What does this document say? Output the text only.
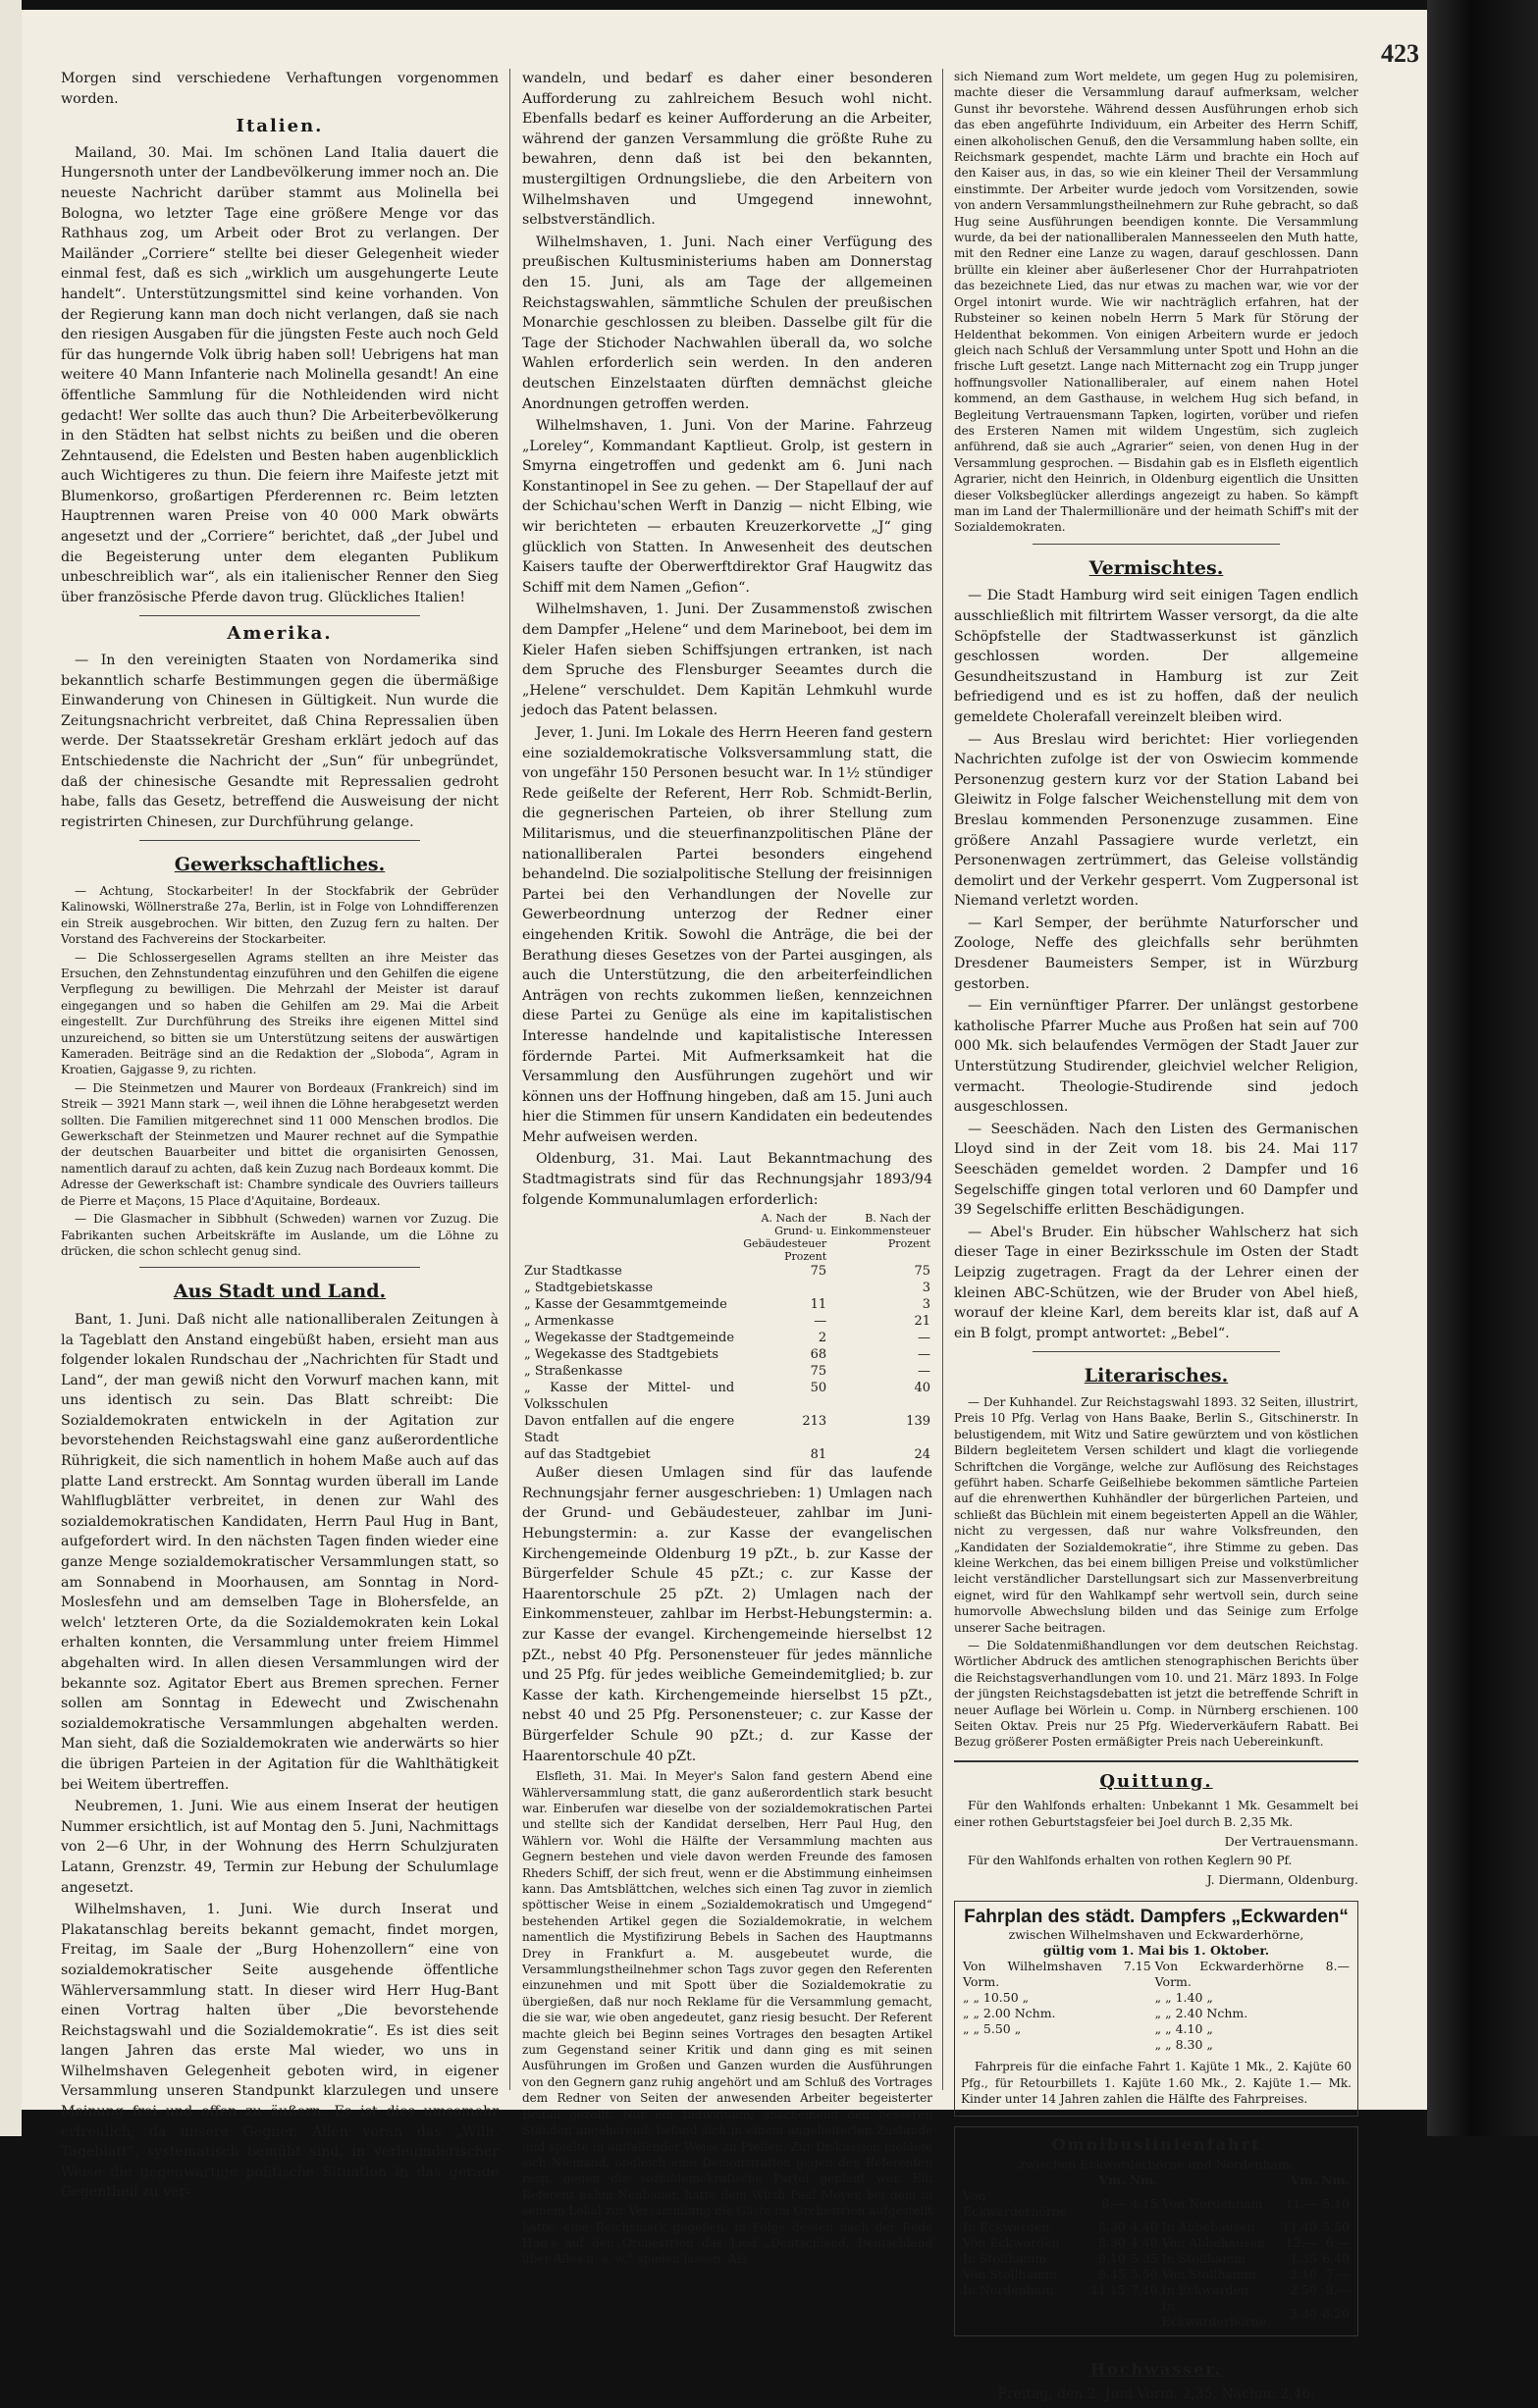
423

Morgen sind verschiedene Verhaftungen vorgenommen worden.

Italien.

Mailand, 30. Mai. Im schönen Land Italia dauert die Hungersnoth unter der Landbevölkerung immer noch an. Die neueste Nachricht darüber stammt aus Molinella bei Bologna, wo letzter Tage eine größere Menge vor das Rathhaus zog, um Arbeit oder Brot zu verlangen. Der Mailänder „Corriere“ stellte bei dieser Gelegenheit wieder einmal fest, daß es sich „wirklich um ausgehungerte Leute handelt“. Unterstützungsmittel sind keine vorhanden. Von der Regierung kann man doch nicht verlangen, daß sie nach den riesigen Ausgaben für die jüngsten Feste auch noch Geld für das hungernde Volk übrig haben soll! Uebrigens hat man weitere 40 Mann Infanterie nach Molinella gesandt! An eine öffentliche Sammlung für die Nothleidenden wird nicht gedacht! Wer sollte das auch thun? Die Arbeiterbevölkerung in den Städten hat selbst nichts zu beißen und die oberen Zehntausend, die Edelsten und Besten haben augenblicklich auch Wichtigeres zu thun. Die feiern ihre Maifeste jetzt mit Blumenkorso, großartigen Pferderennen rc. Beim letzten Hauptrennen waren Preise von 40 000 Mark obwärts angesetzt und der „Corriere“ berichtet, daß „der Jubel und die Begeisterung unter dem eleganten Publikum unbeschreiblich war“, als ein italienischer Renner den Sieg über französische Pferde davon trug. Glückliches Italien!

Amerika.

— In den vereinigten Staaten von Nordamerika sind bekanntlich scharfe Bestimmungen gegen die übermäßige Einwanderung von Chinesen in Gültigkeit. Nun wurde die Zeitungsnachricht verbreitet, daß China Repressalien üben werde. Der Staatssekretär Gresham erklärt jedoch auf das Entschiedenste die Nachricht der „Sun“ für unbegründet, daß der chinesische Gesandte mit Repressalien gedroht habe, falls das Gesetz, betreffend die Ausweisung der nicht registrirten Chinesen, zur Durchführung gelange.

Gewerkschaftliches.

— Achtung, Stockarbeiter! In der Stockfabrik der Gebrüder Kalinowski, Wöllnerstraße 27a, Berlin, ist in Folge von Lohndifferenzen ein Streik ausgebrochen. Wir bitten, den Zuzug fern zu halten. Der Vorstand des Fachvereins der Stockarbeiter.

— Die Schlossergesellen Agrams stellten an ihre Meister das Ersuchen, den Zehnstundentag einzuführen und den Gehilfen die eigene Verpflegung zu bewilligen. Die Mehrzahl der Meister ist darauf eingegangen und so haben die Gehilfen am 29. Mai die Arbeit eingestellt. Zur Durchführung des Streiks ihre eigenen Mittel sind unzureichend, so bitten sie um Unterstützung seitens der auswärtigen Kameraden. Beiträge sind an die Redaktion der „Sloboda“, Agram in Kroatien, Gajgasse 9, zu richten.

— Die Steinmetzen und Maurer von Bordeaux (Frankreich) sind im Streik — 3921 Mann stark —, weil ihnen die Löhne herabgesetzt werden sollten. Die Familien mitgerechnet sind 11 000 Menschen brodlos. Die Gewerkschaft der Steinmetzen und Maurer rechnet auf die Sympathie der deutschen Bauarbeiter und bittet die organisirten Genossen, namentlich darauf zu achten, daß kein Zuzug nach Bordeaux kommt. Die Adresse der Gewerkschaft ist: Chambre syndicale des Ouvriers tailleurs de Pierre et Maçons, 15 Place d'Aquitaine, Bordeaux.

— Die Glasmacher in Sibbhult (Schweden) warnen vor Zuzug. Die Fabrikanten suchen Arbeitskräfte im Auslande, um die Löhne zu drücken, die schon schlecht genug sind.

Aus Stadt und Land.

Bant, 1. Juni. Daß nicht alle nationalliberalen Zeitungen à la Tageblatt den Anstand eingebüßt haben, ersieht man aus folgender lokalen Rundschau der „Nachrichten für Stadt und Land“, der man gewiß nicht den Vorwurf machen kann, mit uns identisch zu sein. Das Blatt schreibt: Die Sozialdemokraten entwickeln in der Agitation zur bevorstehenden Reichstagswahl eine ganz außerordentliche Rührigkeit, die sich namentlich in hohem Maße auch auf das platte Land erstreckt. Am Sonntag wurden überall im Lande Wahlflugblätter verbreitet, in denen zur Wahl des sozialdemokratischen Kandidaten, Herrn Paul Hug in Bant, aufgefordert wird. In den nächsten Tagen finden wieder eine ganze Menge sozialdemokratischer Versammlungen statt, so am Sonnabend in Moorhausen, am Sonntag in Nord-Moslesfehn und am demselben Tage in Blohersfelde, an welch' letzteren Orte, da die Sozialdemokraten kein Lokal erhalten konnten, die Versammlung unter freiem Himmel abgehalten wird. In allen diesen Versammlungen wird der bekannte soz. Agitator Ebert aus Bremen sprechen. Ferner sollen am Sonntag in Edewecht und Zwischenahn sozialdemokratische Versammlungen abgehalten werden. Man sieht, daß die Sozialdemokraten wie anderwärts so hier die übrigen Parteien in der Agitation für die Wahlthätigkeit bei Weitem übertreffen.

Neubremen, 1. Juni. Wie aus einem Inserat der heutigen Nummer ersichtlich, ist auf Montag den 5. Juni, Nachmittags von 2—6 Uhr, in der Wohnung des Herrn Schulzjuraten Latann, Grenzstr. 49, Termin zur Hebung der Schulumlage angesetzt.

Wilhelmshaven, 1. Juni. Wie durch Inserat und Plakatanschlag bereits bekannt gemacht, findet morgen, Freitag, im Saale der „Burg Hohenzollern“ eine von sozialdemokratischer Seite ausgehende öffentliche Wählerversammlung statt. In dieser wird Herr Hug-Bant einen Vortrag halten über „Die bevorstehende Reichstagswahl und die Sozialdemokratie“. Es ist dies seit langen Jahren das erste Mal wieder, wo uns in Wilhelmshaven Gelegenheit geboten wird, in eigener Versammlung unseren Standpunkt klarzulegen und unsere Meinung frei und offen zu äußern. Es ist dies umsomehr erfreulich, da unsere Gegner, Allen voran das „Wilh. Tageblatt“, systematisch bemüht sind, in verleumderischer Weise die gegenwärtige politische Situation in das gerade Gegentheil zu ver-

wandeln, und bedarf es daher einer besonderen Aufforderung zu zahlreichem Besuch wohl nicht. Ebenfalls bedarf es keiner Aufforderung an die Arbeiter, während der ganzen Versammlung die größte Ruhe zu bewahren, denn daß ist bei den bekannten, mustergiltigen Ordnungsliebe, die den Arbeitern von Wilhelmshaven und Umgegend innewohnt, selbstverständlich.

Wilhelmshaven, 1. Juni. Nach einer Verfügung des preußischen Kultusministeriums haben am Donnerstag den 15. Juni, als am Tage der allgemeinen Reichstagswahlen, sämmtliche Schulen der preußischen Monarchie geschlossen zu bleiben. Dasselbe gilt für die Tage der Stichoder Nachwahlen überall da, wo solche Wahlen erforderlich sein werden. In den anderen deutschen Einzelstaaten dürften demnächst gleiche Anordnungen getroffen werden.

Wilhelmshaven, 1. Juni. Von der Marine. Fahrzeug „Loreley“, Kommandant Kaptlieut. Grolp, ist gestern in Smyrna eingetroffen und gedenkt am 6. Juni nach Konstantinopel in See zu gehen. — Der Stapellauf der auf der Schichau'schen Werft in Danzig — nicht Elbing, wie wir berichteten — erbauten Kreuzerkorvette „J“ ging glücklich von Statten. In Anwesenheit des deutschen Kaisers taufte der Oberwerftdirektor Graf Haugwitz das Schiff mit dem Namen „Gefion“.

Wilhelmshaven, 1. Juni. Der Zusammenstoß zwischen dem Dampfer „Helene“ und dem Marineboot, bei dem im Kieler Hafen sieben Schiffsjungen ertranken, ist nach dem Spruche des Flensburger Seeamtes durch die „Helene“ verschuldet. Dem Kapitän Lehmkuhl wurde jedoch das Patent belassen.

Jever, 1. Juni. Im Lokale des Herrn Heeren fand gestern eine sozialdemokratische Volksversammlung statt, die von ungefähr 150 Personen besucht war. In 1½ stündiger Rede geißelte der Referent, Herr Rob. Schmidt-Berlin, die gegnerischen Parteien, ob ihrer Stellung zum Militarismus, und die steuerfinanzpolitischen Pläne der nationalliberalen Partei besonders eingehend behandelnd. Die sozialpolitische Stellung der freisinnigen Partei bei den Verhandlungen der Novelle zur Gewerbeordnung unterzog der Redner einer eingehenden Kritik. Sowohl die Anträge, die bei der Berathung dieses Gesetzes von der Partei ausgingen, als auch die Unterstützung, die den arbeiterfeindlichen Anträgen von rechts zukommen ließen, kennzeichnen diese Partei zu Genüge als eine im kapitalistischen Interesse handelnde und kapitalistische Interessen fördernde Partei. Mit Aufmerksamkeit hat die Versammlung den Ausführungen zugehört und wir können uns der Hoffnung hingeben, daß am 15. Juni auch hier die Stimmen für unsern Kandidaten ein bedeutendes Mehr aufweisen werden.

Oldenburg, 31. Mai. Laut Bekanntmachung des Stadtmagistrats sind für das Rechnungsjahr 1893/94 folgende Kommunalumlagen erforderlich:

	A. Nach der Grund- u. Gebäudesteuer Prozent	B. Nach der Einkommensteuer Prozent
Zur Stadtkasse	75	75
„ Stadtgebietskasse		3
„ Kasse der Gesammtgemeinde	11	3
„ Armenkasse	—	21
„ Wegekasse der Stadtgemeinde	2	—
„ Wegekasse des Stadtgebiets	68	—
„ Straßenkasse	75	—
„ Kasse der Mittel- und Volksschulen	50	40
Davon entfallen auf die engere Stadt	213	139
auf das Stadtgebiet	81	24

Außer diesen Umlagen sind für das laufende Rechnungsjahr ferner ausgeschrieben: 1) Umlagen nach der Grund- und Gebäudesteuer, zahlbar im Juni-Hebungstermin: a. zur Kasse der evangelischen Kirchengemeinde Oldenburg 19 pZt., b. zur Kasse der Bürgerfelder Schule 45 pZt.; c. zur Kasse der Haarentorschule 25 pZt. 2) Umlagen nach der Einkommensteuer, zahlbar im Herbst-Hebungstermin: a. zur Kasse der evangel. Kirchengemeinde hierselbst 12 pZt., nebst 40 Pfg. Personensteuer für jedes männliche und 25 Pfg. für jedes weibliche Gemeindemitglied; b. zur Kasse der kath. Kirchengemeinde hierselbst 15 pZt., nebst 40 und 25 Pfg. Personensteuer; c. zur Kasse der Bürgerfelder Schule 90 pZt.; d. zur Kasse der Haarentorschule 40 pZt.

Elsfleth, 31. Mai. In Meyer's Salon fand gestern Abend eine Wählerversammlung statt, die ganz außerordentlich stark besucht war. Einberufen war dieselbe von der sozialdemokratischen Partei und stellte sich der Kandidat derselben, Herr Paul Hug, den Wählern vor. Wohl die Hälfte der Versammlung machten aus Gegnern bestehen und viele davon werden Freunde des famosen Rheders Schiff, der sich freut, wenn er die Abstimmung einheimsen kann. Das Amtsblättchen, welches sich einen Tag zuvor in ziemlich spöttischer Weise in einem „Sozialdemokratisch und Umgegend“ bestehenden Artikel gegen die Sozialdemokratie, in welchem namentlich die Mystifizirung Bebels in Sachen des Hauptmanns Drey in Frankfurt a. M. ausgebeutet wurde, die Versammlungstheilnehmer schon Tags zuvor gegen den Referenten einzunehmen und mit Spott über die Sozialdemokratie zu übergießen, daß nur noch Reklame für die Versammlung gemacht, die sie war, wie oben angedeutet, ganz riesig besucht. Der Referent machte gleich bei Beginn seines Vortrages den besagten Artikel zum Gegenstand seiner Kritik und dann ging es mit seinen Ausführungen im Großen und Ganzen wurden die Ausführungen von den Gegnern ganz ruhig angehört und am Schluß des Vortrages dem Redner von Seiten der anwesenden Arbeiter begeisterter Beifall gezollt. Nur ein Individuum, anscheinend den besseren Ständen angehörend, befand sich in einem angeheiterten Zustande und spielte in auffallender Weise zu Pfeifen. Zur Diskussion meldete sich Niemand, obgleich eine Demonstration gegen den Referenten resp. gegen die sozialdemokratische Partei geplant war. Ein Referent nahm Neubauer, hatte dem Wirth Paul Meyer, bei dem in seinem Lokal zur Versammlung die Gäste im Orchestrion aufgestellt hatte, eine Reichsmark gegeben, in Folge dessen nach der Rede Hug's auf den Orchestrion das Lied „Deutschland, Deutschland über Alles u. s. w.“ spielen lassen. Als

sich Niemand zum Wort meldete, um gegen Hug zu polemisiren, machte dieser die Versammlung darauf aufmerksam, welcher Gunst ihr bevorstehe. Während dessen Ausführungen erhob sich das eben angeführte Individuum, ein Arbeiter des Herrn Schiff, einen alkoholischen Genuß, den die Versammlung haben sollte, ein Reichsmark gespendet, machte Lärm und brachte ein Hoch auf den Kaiser aus, in das, so wie ein kleiner Theil der Versammlung einstimmte. Der Arbeiter wurde jedoch vom Vorsitzenden, sowie von andern Versammlungstheilnehmern zur Ruhe gebracht, so daß Hug seine Ausführungen beendigen konnte. Die Versammlung wurde, da bei der nationalliberalen Mannesseelen den Muth hatte, mit den Redner eine Lanze zu wagen, darauf geschlossen. Dann brüllte ein kleiner aber äußerlesener Chor der Hurrahpatrioten das bezeichnete Lied, das nur etwas zu machen war, wie vor der Orgel intonirt wurde. Wie wir nachträglich erfahren, hat der Rubsteiner so keinen nobeln Herrn 5 Mark für Störung der Heldenthat bekommen. Von einigen Arbeitern wurde er jedoch gleich nach Schluß der Versammlung unter Spott und Hohn an die frische Luft gesetzt. Lange nach Mitternacht zog ein Trupp junger hoffnungsvoller Nationalliberaler, auf einem nahen Hotel kommend, an dem Gasthause, in welchem Hug sich befand, in Begleitung Vertrauensmann Tapken, logirten, vorüber und riefen des Ersteren Namen mit wildem Ungestüm, sich zugleich anführend, daß sie auch „Agrarier“ seien, von denen Hug in der Versammlung gesprochen. — Bisdahin gab es in Elsfleth eigentlich Agrarier, nicht den Heinrich, in Oldenburg eigentlich die Unsitten dieser Volksbeglücker allerdings angezeigt zu haben. So kämpft man im Land der Thalermillionäre und der heimath Schiff's mit der Sozialdemokraten.

Vermischtes.

— Die Stadt Hamburg wird seit einigen Tagen endlich ausschließlich mit filtrirtem Wasser versorgt, da die alte Schöpfstelle der Stadtwasserkunst ist gänzlich geschlossen worden. Der allgemeine Gesundheitszustand in Hamburg ist zur Zeit befriedigend und es ist zu hoffen, daß der neulich gemeldete Cholerafall vereinzelt bleiben wird.

— Aus Breslau wird berichtet: Hier vorliegenden Nachrichten zufolge ist der von Oswiecim kommende Personenzug gestern kurz vor der Station Laband bei Gleiwitz in Folge falscher Weichenstellung mit dem von Breslau kommenden Personenzuge zusammen. Eine größere Anzahl Passagiere wurde verletzt, ein Personenwagen zertrümmert, das Geleise vollständig demolirt und der Verkehr gesperrt. Vom Zugpersonal ist Niemand verletzt worden.

— Karl Semper, der berühmte Naturforscher und Zoologe, Neffe des gleichfalls sehr berühmten Dresdener Baumeisters Semper, ist in Würzburg gestorben.

— Ein vernünftiger Pfarrer. Der unlängst gestorbene katholische Pfarrer Muche aus Proßen hat sein auf 700 000 Mk. sich belaufendes Vermögen der Stadt Jauer zur Unterstützung Studirender, gleichviel welcher Religion, vermacht. Theologie-Studirende sind jedoch ausgeschlossen.

— Seeschäden. Nach den Listen des Germanischen Lloyd sind in der Zeit vom 18. bis 24. Mai 117 Seeschäden gemeldet worden. 2 Dampfer und 16 Segelschiffe gingen total verloren und 60 Dampfer und 39 Segelschiffe erlitten Beschädigungen.

— Abel's Bruder. Ein hübscher Wahlscherz hat sich dieser Tage in einer Bezirksschule im Osten der Stadt Leipzig zugetragen. Fragt da der Lehrer einen der kleinen ABC-Schützen, wie der Bruder von Abel hieß, worauf der kleine Karl, dem bereits klar ist, daß auf A ein B folgt, prompt antwortet: „Bebel“.

Literarisches.

— Der Kuhhandel. Zur Reichstagswahl 1893. 32 Seiten, illustrirt, Preis 10 Pfg. Verlag von Hans Baake, Berlin S., Gitschinerstr. In belustigendem, mit Witz und Satire gewürztem und von köstlichen Bildern begleitetem Versen schildert und klagt die vorliegende Schriftchen die Vorgänge, welche zur Auflösung des Reichstages geführt haben. Scharfe Geißelhiebe bekommen sämtliche Parteien auf die ehrenwerthen Kuhhändler der bürgerlichen Parteien, und schließt das Büchlein mit einem begeisterten Appell an die Wähler, nicht zu vergessen, daß nur wahre Volksfreunden, den „Kandidaten der Sozialdemokratie“, ihre Stimme zu geben. Das kleine Werkchen, das bei einem billigen Preise und volkstümlicher leicht verständlicher Darstellungsart sich zur Massenverbreitung eignet, wird für den Wahlkampf sehr wertvoll sein, durch seine humorvolle Abwechslung bilden und das Seinige zum Erfolge unserer Sache beitragen.

— Die Soldatenmißhandlungen vor dem deutschen Reichstag. Wörtlicher Abdruck des amtlichen stenographischen Berichts über die Reichstagsverhandlungen vom 10. und 21. März 1893. In Folge der jüngsten Reichstagsdebatten ist jetzt die betreffende Schrift in neuer Auflage bei Wörlein u. Comp. in Nürnberg erschienen. 100 Seiten Oktav. Preis nur 25 Pfg. Wiederverkäufern Rabatt. Bei Bezug größerer Posten ermäßigter Preis nach Uebereinkunft.

Quittung.

Für den Wahlfonds erhalten: Unbekannt 1 Mk. Gesammelt bei einer rothen Geburtstagsfeier bei Joel durch B. 2,35 Mk.

Der Vertrauensmann.

Für den Wahlfonds erhalten von rothen Keglern 90 Pf.

J. Diermann, Oldenburg.
Fahrplan des städt. Dampfers „Eckwarden“
zwischen Wilhelmshaven und Eckwarderhörne,
gültig vom 1. Mai bis 1. Oktober.
Von Wilhelmshaven 7.15 Vorm.	Von Eckwarderhörne 8.— Vorm.
„ „ 10.50 „	„ „ 1.40 „
„ „ 2.00 Nchm.	„ „ 2.40 Nchm.
„ „ 5.50 „	„ „ 4.10 „
	„ „ 8.30 „

Fahrpreis für die einfache Fahrt 1. Kajüte 1 Mk., 2. Kajüte 60 Pfg., für Retourbillets 1. Kajüte 1.60 Mk., 2. Kajüte 1.— Mk. Kinder unter 14 Jahren zahlen die Hälfte des Fahrpreises.

Omnibuslinienfahrt
zwischen Eckwarderhörne und Nordenham.
	Vm.	Nm.		Vm.	Nm.
Von Eckwarderhörne	8.—	4.15	Von Nordenham	11.—	5.10
In Eckwarden	8.30	4.40	In Abbehausen	11.40	5.50
Von Eckwarden	8.30	4.40	Von Abbehausen	12.—	6.—
In Stollhamm	9.10	5.35	In Stollhamm	1.35	6.40
Von Stollhamm	9.45	5.50	Von Stollhamm	2.10	7.—
In Nordenham	11.15	7.10	In Eckwarden	2.50	8.—
			In Eckwarderhörne	3.30	8.20
Hochwasser.
Freitag, den 2. Juni Vorm. 2,35, Nachm. 2,46.
